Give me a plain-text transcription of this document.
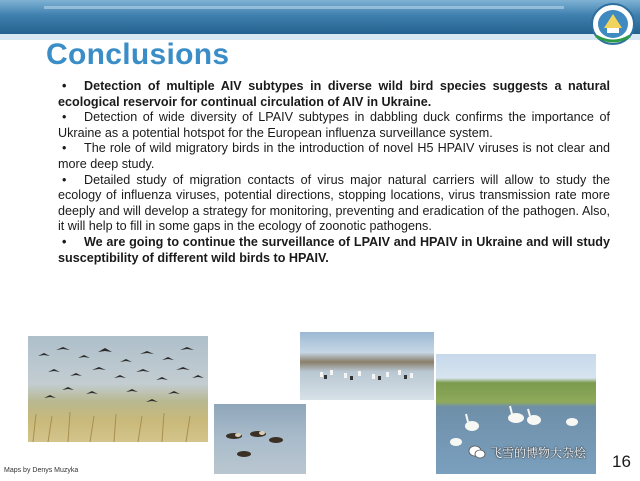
Conclusions

• Detection of multiple AIV subtypes in diverse wild bird species suggests a natural ecological reservoir for continual circulation of AIV in Ukraine.

• Detection of wide diversity of LPAIV subtypes in dabbling duck confirms the importance of Ukraine as a potential hotspot for the European influenza surveillance system.

• The role of wild migratory birds in the introduction of novel H5 HPAIV viruses is not clear and more deep study.

• Detailed study of migration contacts of virus major natural carriers will allow to study the ecology of influenza viruses, potential directions, stopping locations, virus transmission rate more deeply and will develop a strategy for monitoring, preventing and eradication of the pathogen. Also, it will help to fill in some gaps in the ecology of zoonotic pathogens.

• We are going to continue the surveillance of LPAIV and HPAIV in Ukraine and will study susceptibility of different wild birds to HPAIV.

飞雪的博物大杂烩
Maps by Denys Muzyka	16
